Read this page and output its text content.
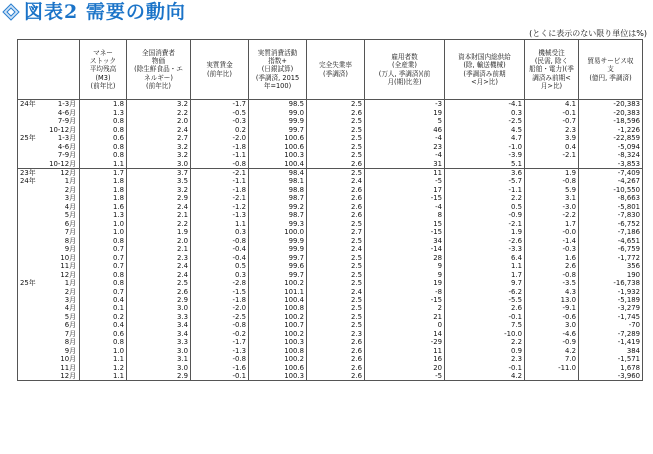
図表2 需要の動向
(とくに表示のない限り単位は%)
	マネー
ストック
平均残高
(M3)
(前年比)	全国消費者
物価
(除生鮮食品・エ
ネルギー)
(前年比)	実質賃金
(前年比)	実質消費活動
指数+
(日銀試算)
(季調済, 2015
年=100)	完全失業率
(季調済)	雇用者数
(全産業)
(万人, 季調済)(前
月(期)比差)	資本財国内総供給
(除, 輸送機械)
(季調済み前期
<月>比)	機械受注
(民需, 除く
船舶・電力)(季
調済み前期<
月>比)	貿易サービス収
支
(億円, 季調済)
24年 1-3月	1.8	3.2	-1.7	98.5	2.5	-3	-4.1	4.1	-20,383
4-6月	1.3	2.2	-0.5	99.0	2.6	19	0.3	-0.1	-20,383
7-9月	0.8	2.0	-0.3	99.9	2.5	5	-2.5	-0.7	-18,596
10-12月	0.8	2.4	0.2	99.7	2.5	46	4.5	2.3	-1,226
25年 1-3月	0.6	2.7	-2.0	100.6	2.5	-4	4.7	3.9	-22,859
4-6月	0.8	3.2	-1.8	100.6	2.5	23	-1.0	0.4	-5,094
7-9月	0.8	3.2	-1.1	100.3	2.5	-4	-3.9	-2.1	-8,324
10-12月	1.1	3.0	-0.8	100.4	2.6	31	5.1		-3,853
23年 12月	1.7	3.7	-2.1	98.4	2.5	11	3.6	1.9	-7,409
24年 1月	1.8	3.5	-1.1	98.1	2.4	-5	-5.7	-0.8	-4,267
2月	1.8	3.2	-1.8	98.8	2.6	17	-1.1	5.9	-10,550
3月	1.8	2.9	-2.1	98.7	2.6	-15	2.2	3.1	-8,663
4月	1.6	2.4	-1.2	99.2	2.6	-4	0.5	-3.0	-5,801
5月	1.3	2.1	-1.3	98.7	2.6	8	-0.9	-2.2	-7,830
6月	1.0	2.2	1.1	99.3	2.5	15	-2.1	1.7	-6,752
7月	1.0	1.9	0.3	100.0	2.7	-15	1.9	-0.0	-7,186
8月	0.8	2.0	-0.8	99.9	2.5	34	-2.6	-1.4	-4,651
9月	0.7	2.1	-0.4	99.9	2.4	-14	-3.3	-0.3	-6,759
10月	0.7	2.3	-0.4	99.7	2.5	28	6.4	1.6	-1,772
11月	0.7	2.4	0.5	99.6	2.5	9	1.1	2.6	356
12月	0.8	2.4	0.3	99.7	2.5	9	1.7	-0.8	190
25年 1月	0.8	2.5	-2.8	100.2	2.5	19	9.7	-3.5	-16,738
2月	0.7	2.6	-1.5	101.1	2.4	-8	-6.2	4.3	-1,932
3月	0.4	2.9	-1.8	100.4	2.5	-15	-5.5	13.0	-5,189
4月	0.1	3.0	-2.0	100.8	2.5	2	2.6	-9.1	-3,279
5月	0.2	3.3	-2.5	100.2	2.5	21	-0.1	-0.6	-1,745
6月	0.4	3.4	-0.8	100.7	2.5	0	7.5	3.0	-70
7月	0.6	3.4	-0.2	100.2	2.3	14	-10.0	-4.6	-7,289
8月	0.8	3.3	-1.7	100.3	2.6	-29	2.2	-0.9	-1,419
9月	1.0	3.0	-1.3	100.8	2.6	11	0.9	4.2	384
10月	1.1	3.1	-0.8	100.2	2.6	16	2.3	7.0	-1,571
11月	1.2	3.0	-1.6	100.6	2.6	20	-0.1	-11.0	1,678
12月	1.1	2.9	-0.1	100.3	2.6	-5	4.2		-3,960
